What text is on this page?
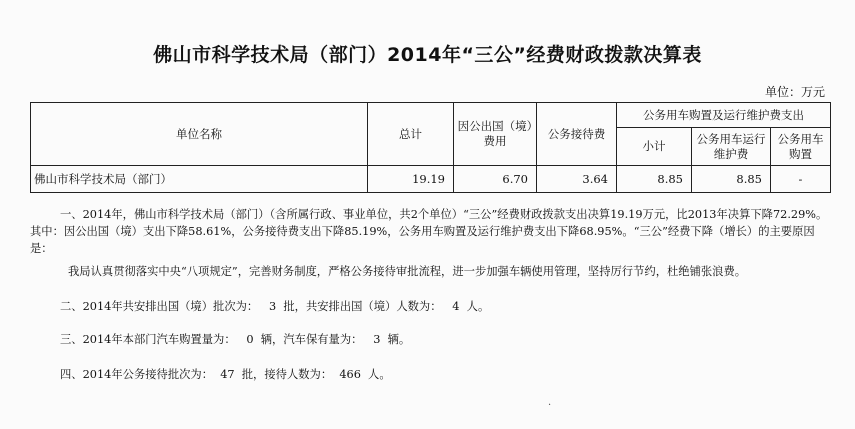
佛山市科学技术局（部门）2014年“三公”经费财政拨款决算表
单位：万元
单位名称	总计	因公出国（境）费用	公务接待费	公务用车购置及运行维护费支出		
				小计	公务用车运行维护费	公务用车购置
佛山市科学技术局（部门）	19.19	6.70	3.64	8.85	8.85	-
一、2014年，佛山市科学技术局（部门）（含所属行政、事业单位，共2个单位）“三公”经费财政拨款支出决算19.19万元，比2013年决算下降72.29%。其中：因公出国（境）支出下降58.61%，公务接待费支出下降85.19%，公务用车购置及运行维护费支出下降68.95%。“三公”经费下降（增长）的主要原因是：
我局认真贯彻落实中央“八项规定”，完善财务制度，严格公务接待审批流程，进一步加强车辆使用管理，坚持厉行节约，杜绝铺张浪费。
二、2014年共安排出国（境）批次为：   3  批，共安排出国（境）人数为：   4  人。
三、2014年本部门汽车购置量为：   0  辆，汽车保有量为：   3  辆。
四、2014年公务接待批次为：  47  批，接待人数为：  466  人。
·
